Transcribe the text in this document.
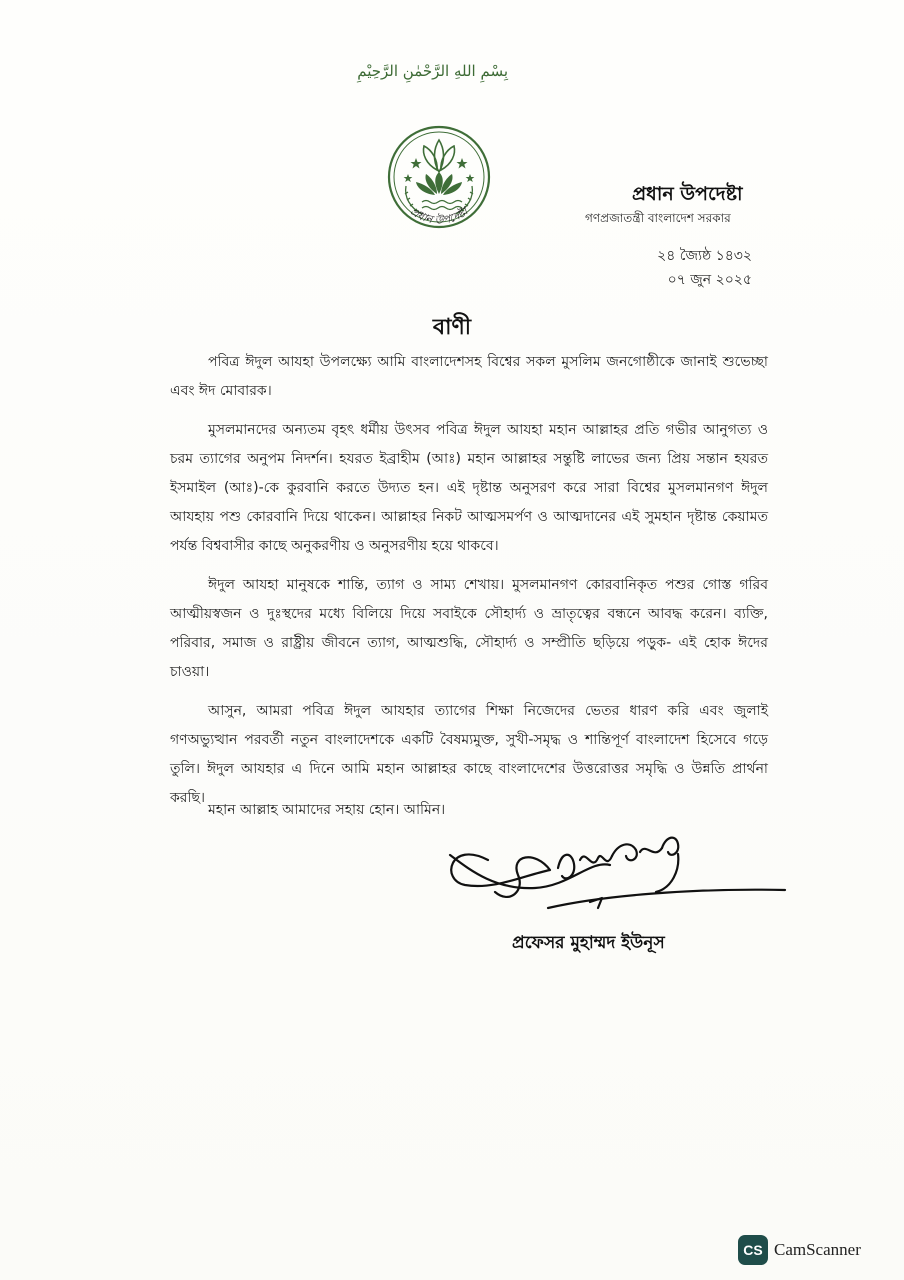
بِسْمِ اللهِ الرَّحْمٰنِ الرَّحِيْمِ
প্রধান উপদেষ্টা
প্রধান উপদেষ্টা
গণপ্রজাতন্ত্রী বাংলাদেশ সরকার
২৪ জ্যৈষ্ঠ ১৪৩২
০৭ জুন ২০২৫
বাণী

পবিত্র ঈদুল আযহা উপলক্ষ্যে আমি বাংলাদেশসহ বিশ্বের সকল মুসলিম জনগোষ্ঠীকে জানাই শুভেচ্ছা এবং ঈদ মোবারক।

মুসলমানদের অন্যতম বৃহৎ ধর্মীয় উৎসব পবিত্র ঈদুল আযহা মহান আল্লাহর প্রতি গভীর আনুগত্য ও চরম ত্যাগের অনুপম নিদর্শন। হযরত ইব্রাহীম (আঃ) মহান আল্লাহর সন্তুষ্টি লাভের জন্য প্রিয় সন্তান হযরত ইসমাইল (আঃ)-কে কুরবানি করতে উদ্যত হন। এই দৃষ্টান্ত অনুসরণ করে সারা বিশ্বের মুসলমানগণ ঈদুল আযহায় পশু কোরবানি দিয়ে থাকেন। আল্লাহর নিকট আত্মসমর্পণ ও আত্মদানের এই সুমহান দৃষ্টান্ত কেয়ামত পর্যন্ত বিশ্ববাসীর কাছে অনুকরণীয় ও অনুসরণীয় হয়ে থাকবে।

ঈদুল আযহা মানুষকে শান্তি, ত্যাগ ও সাম্য শেখায়। মুসলমানগণ কোরবানিকৃত পশুর গোস্ত গরিব আত্মীয়স্বজন ও দুঃস্থদের মধ্যে বিলিয়ে দিয়ে সবাইকে সৌহার্দ্য ও ভ্রাতৃত্বের বন্ধনে আবদ্ধ করেন। ব্যক্তি, পরিবার, সমাজ ও রাষ্ট্রীয় জীবনে ত্যাগ, আত্মশুদ্ধি, সৌহার্দ্য ও সম্প্রীতি ছড়িয়ে পড়ুক- এই হোক ঈদের চাওয়া।

আসুন, আমরা পবিত্র ঈদুল আযহার ত্যাগের শিক্ষা নিজেদের ভেতর ধারণ করি এবং জুলাই গণঅভ্যুত্থান পরবর্তী নতুন বাংলাদেশকে একটি বৈষম্যমুক্ত, সুখী-সমৃদ্ধ ও শান্তিপূর্ণ বাংলাদেশ হিসেবে গড়ে তুলি। ঈদুল আযহার এ দিনে আমি মহান আল্লাহর কাছে বাংলাদেশের উত্তরোত্তর সমৃদ্ধি ও উন্নতি প্রার্থনা করছি।

মহান আল্লাহ আমাদের সহায় হোন। আমিন।
প্রফেসর মুহাম্মদ ইউনূস
CS CamScanner
